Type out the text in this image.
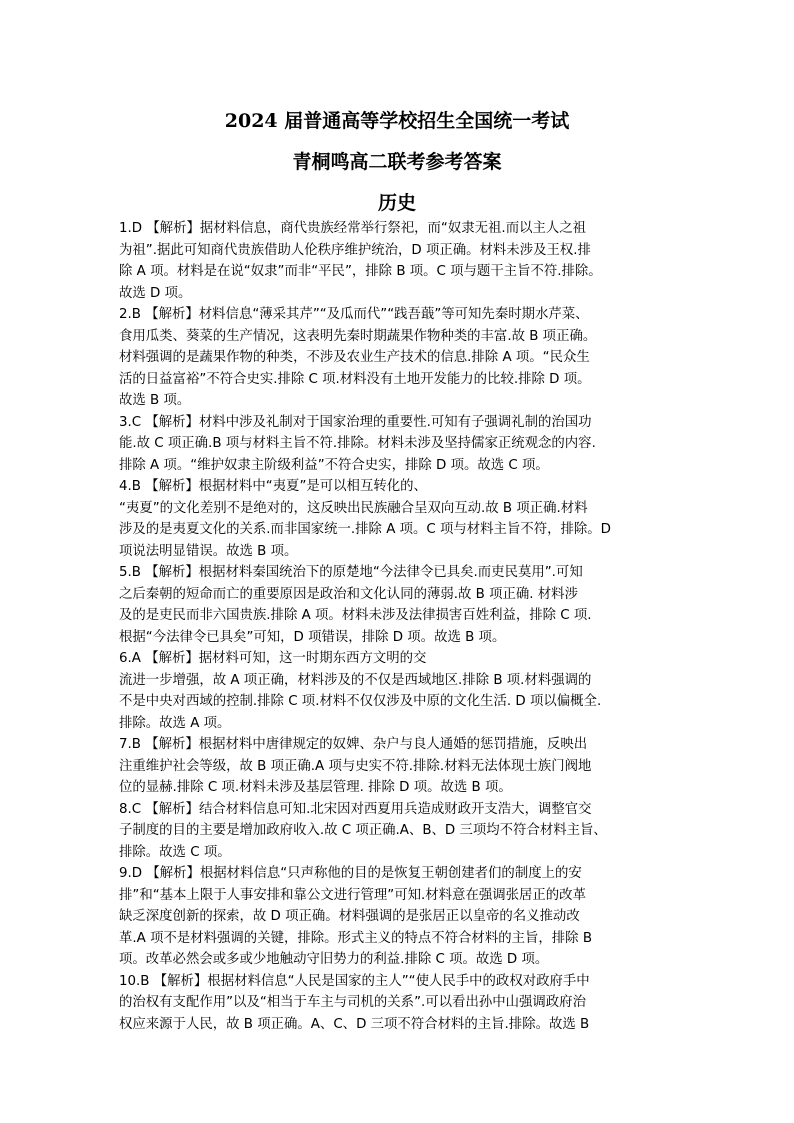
2024 届普通高等学校招生全国统一考试
青桐鸣高二联考参考答案
历史
1.D 【解析】据材料信息，商代贵族经常举行祭祀，而“奴隶无祖.而以主人之祖
为祖”.据此可知商代贵族借助人伦秩序维护统治，D 项正确。材料未涉及王权.排
除 A 项。材料是在说“奴隶”而非“平民”，排除 B 项。C 项与题干主旨不符.排除。
故选 D 项。
2.B 【解析】材料信息“薄采其芹”“及瓜而代”“践吾蕺”等可知先秦时期水芹菜、
食用瓜类、葵菜的生产情况，这表明先秦时期蔬果作物种类的丰富.故 B 项正确。
材料强调的是蔬果作物的种类，不涉及农业生产技术的信息.排除 A 项。“民众生
活的日益富裕”不符合史实.排除 C 项.材料没有土地开发能力的比较.排除 D 项。
故选 B 项。
3.C 【解析】材料中涉及礼制对于国家治理的重要性.可知有子强调礼制的治国功
能.故 C 项正确.B 项与材料主旨不符.排除。材料未涉及坚持儒家正统观念的内容.
排除 A 项。“维护奴隶主阶级利益”不符合史实，排除 D 项。故选 C 项。
4.B 【解析】根据材料中“夷夏”是可以相互转化的、
“夷夏”的文化差别不是绝对的，这反映出民族融合呈双向互动.故 B 项正确.材料
涉及的是夷夏文化的关系.而非国家统一.排除 A 项。C 项与材料主旨不符，排除。D
项说法明显错误。故选 B 项。
5.B 【解析】根据材料秦国统治下的原楚地“今法律令已具矣.而吏民莫用”.可知
之后秦朝的短命而亡的重要原因是政治和文化认同的薄弱.故 B 项正确. 材料涉
及的是吏民而非六国贵族.排除 A 项。材料未涉及法律损害百姓利益，排除 C 项.
根据“今法律令已具矣”可知，D 项错误，排除 D 项。故选 B 项。
6.A 【解析】据材料可知，这一时期东西方文明的交
流进一步增强，故 A 项正确，材料涉及的不仅是西域地区.排除 B 项.材料强调的
不是中央对西域的控制.排除 C 项.材料不仅仅涉及中原的文化生活. D 项以偏概全.
排除。故选 A 项。
7.B 【解析】根据材料中唐律规定的奴婢、杂户与良人通婚的惩罚措施，反映出
注重维护社会等级，故 B 项正确.A 项与史实不符.排除.材料无法体现士族门阀地
位的显赫.排除 C 项.材料未涉及基层管理. 排除 D 项。故选 B 项。
8.C 【解析】结合材料信息可知.北宋因对西夏用兵造成财政开支浩大，调整官交
子制度的目的主要是增加政府收入.故 C 项正确.A、B、D 三项均不符合材料主旨、
排除。故选 C 项。
9.D 【解析】根据材料信息“只声称他的目的是恢复王朝创建者们的制度上的安
排”和“基本上限于人事安排和靠公文进行管理”可知.材料意在强调张居正的改革
缺乏深度创新的探索，故 D 项正确。材料强调的是张居正以皇帝的名义推动改
革.A 项不是材料强调的关键，排除。形式主义的特点不符合材料的主旨，排除 B
项。改革必然会或多或少地触动守旧势力的利益.排除 C 项。故选 D 项。
10.B 【解析】根据材料信息“人民是国家的主人”“使人民手中的政权对政府手中
的治权有支配作用”以及“相当于车主与司机的关系”.可以看出孙中山强调政府治
权应来源于人民，故 B 项正确。A、C、D 三项不符合材料的主旨.排除。故选 B
